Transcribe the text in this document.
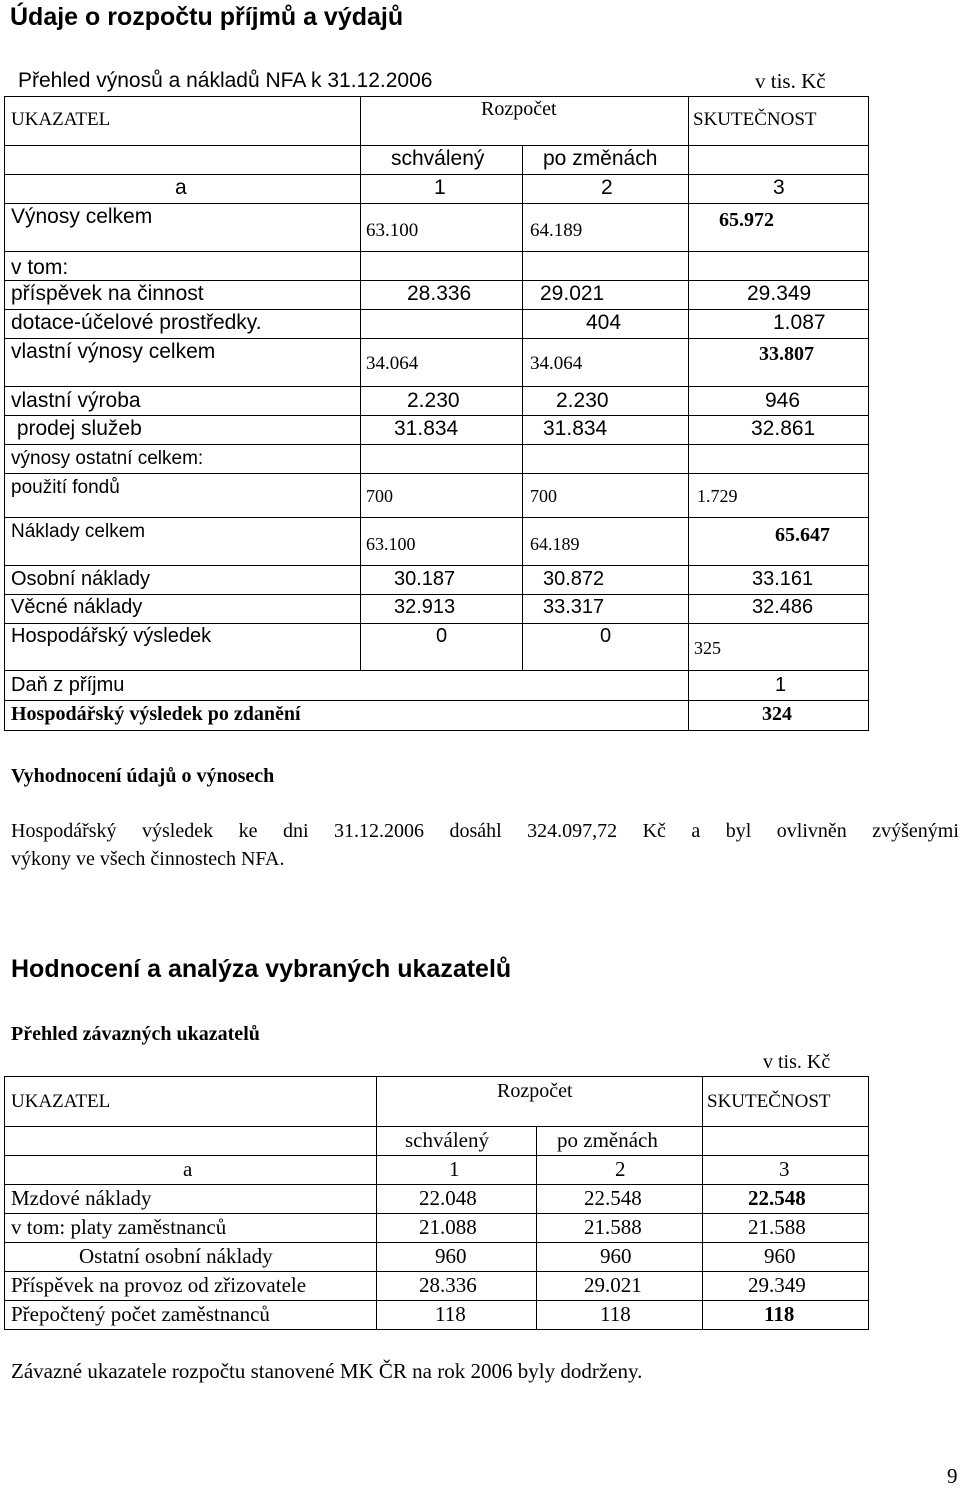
Údaje o rozpočtu příjmů a výdajů
Přehled výnosů a nákladů NFA k 31.12.2006	v tis. Kč
UKAZATEL	Rozpočet		SKUTEČNOST

	schválený	po změnách	

a	1	2	3

Výnosy celkem	63.100	64.189	65.972

v tom:			

příspěvek na činnost	28.336	29.021	29.349

dotace-účelové prostředky.		404	1.087

vlastní výnosy celkem	34.064	34.064	33.807

vlastní výroba	2.230	2.230	946

prodej služeb	31.834	31.834	32.861

výnosy ostatní celkem:			

použití fondů	700	700	1.729

Náklady celkem	63.100	64.189	65.647

Osobní náklady	30.187	30.872	33.161

Věcné náklady	32.913	33.317	32.486

Hospodářský výsledek	0	0	325

Daň z příjmu			1

Hospodářský výsledek po zdanění			324
Vyhodnocení údajů o výnosech
Hospodářský výsledek ke dni 31.12.2006 dosáhl 324.097,72 Kč a byl ovlivněn zvýšenými
výkony ve všech činnostech NFA.
Hodnocení a analýza vybraných ukazatelů
Přehled závazných ukazatelů
v tis. Kč
UKAZATEL	Rozpočet		SKUTEČNOST

	schválený	po změnách	

a	1	2	3

Mzdové náklady	22.048	22.548	22.548

v tom: platy zaměstnanců	21.088	21.588	21.588

Ostatní osobní náklady	960	960	960

Příspěvek na provoz od zřizovatele	28.336	29.021	29.349

Přepočtený počet zaměstnanců	118	118	118
Závazné ukazatele rozpočtu stanovené MK ČR na rok 2006 byly dodrženy.
9
